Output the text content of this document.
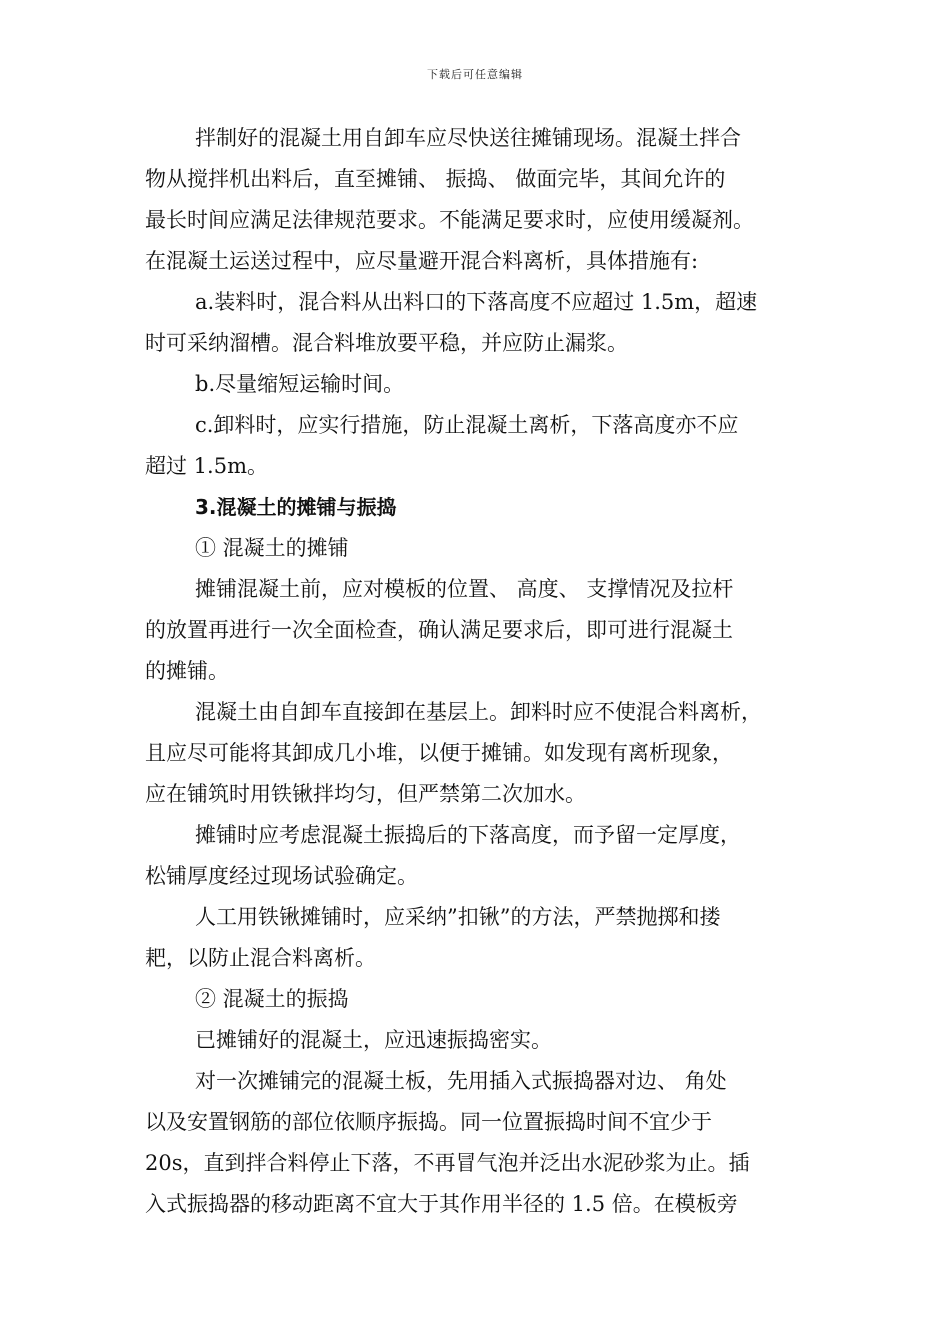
下载后可任意编辑
拌制好的混凝土用自卸车应尽快送往摊铺现场。混凝土拌合
物从搅拌机出料后，直至摊铺、 振捣、 做面完毕，其间允许的
最长时间应满足法律规范要求。不能满足要求时，应使用缓凝剂。
在混凝土运送过程中，应尽量避开混合料离析，具体措施有:
a.装料时，混合料从出料口的下落高度不应超过 1.5m，超速
时可采纳溜槽。混合料堆放要平稳，并应防止漏浆。
b.尽量缩短运输时间。
c.卸料时，应实行措施，防止混凝土离析，下落高度亦不应
超过 1.5m。
3.混凝土的摊铺与振捣
① 混凝土的摊铺
摊铺混凝土前，应对模板的位置、 高度、 支撑情况及拉杆
的放置再进行一次全面检查，确认满足要求后，即可进行混凝土
的摊铺。
混凝土由自卸车直接卸在基层上。卸料时应不使混合料离析，
且应尽可能将其卸成几小堆，以便于摊铺。如发现有离析现象，
应在铺筑时用铁锹拌均匀，但严禁第二次加水。
摊铺时应考虑混凝土振捣后的下落高度，而予留一定厚度，
松铺厚度经过现场试验确定。
人工用铁锹摊铺时，应采纳”扣锹”的方法，严禁抛掷和搂
耙，以防止混合料离析。
② 混凝土的振捣
已摊铺好的混凝土，应迅速振捣密实。
对一次摊铺完的混凝土板，先用插入式振捣器对边、 角处
以及安置钢筋的部位依顺序振捣。同一位置振捣时间不宜少于
20s，直到拌合料停止下落，不再冒气泡并泛出水泥砂浆为止。插
入式振捣器的移动距离不宜大于其作用半径的 1.5 倍。在模板旁
